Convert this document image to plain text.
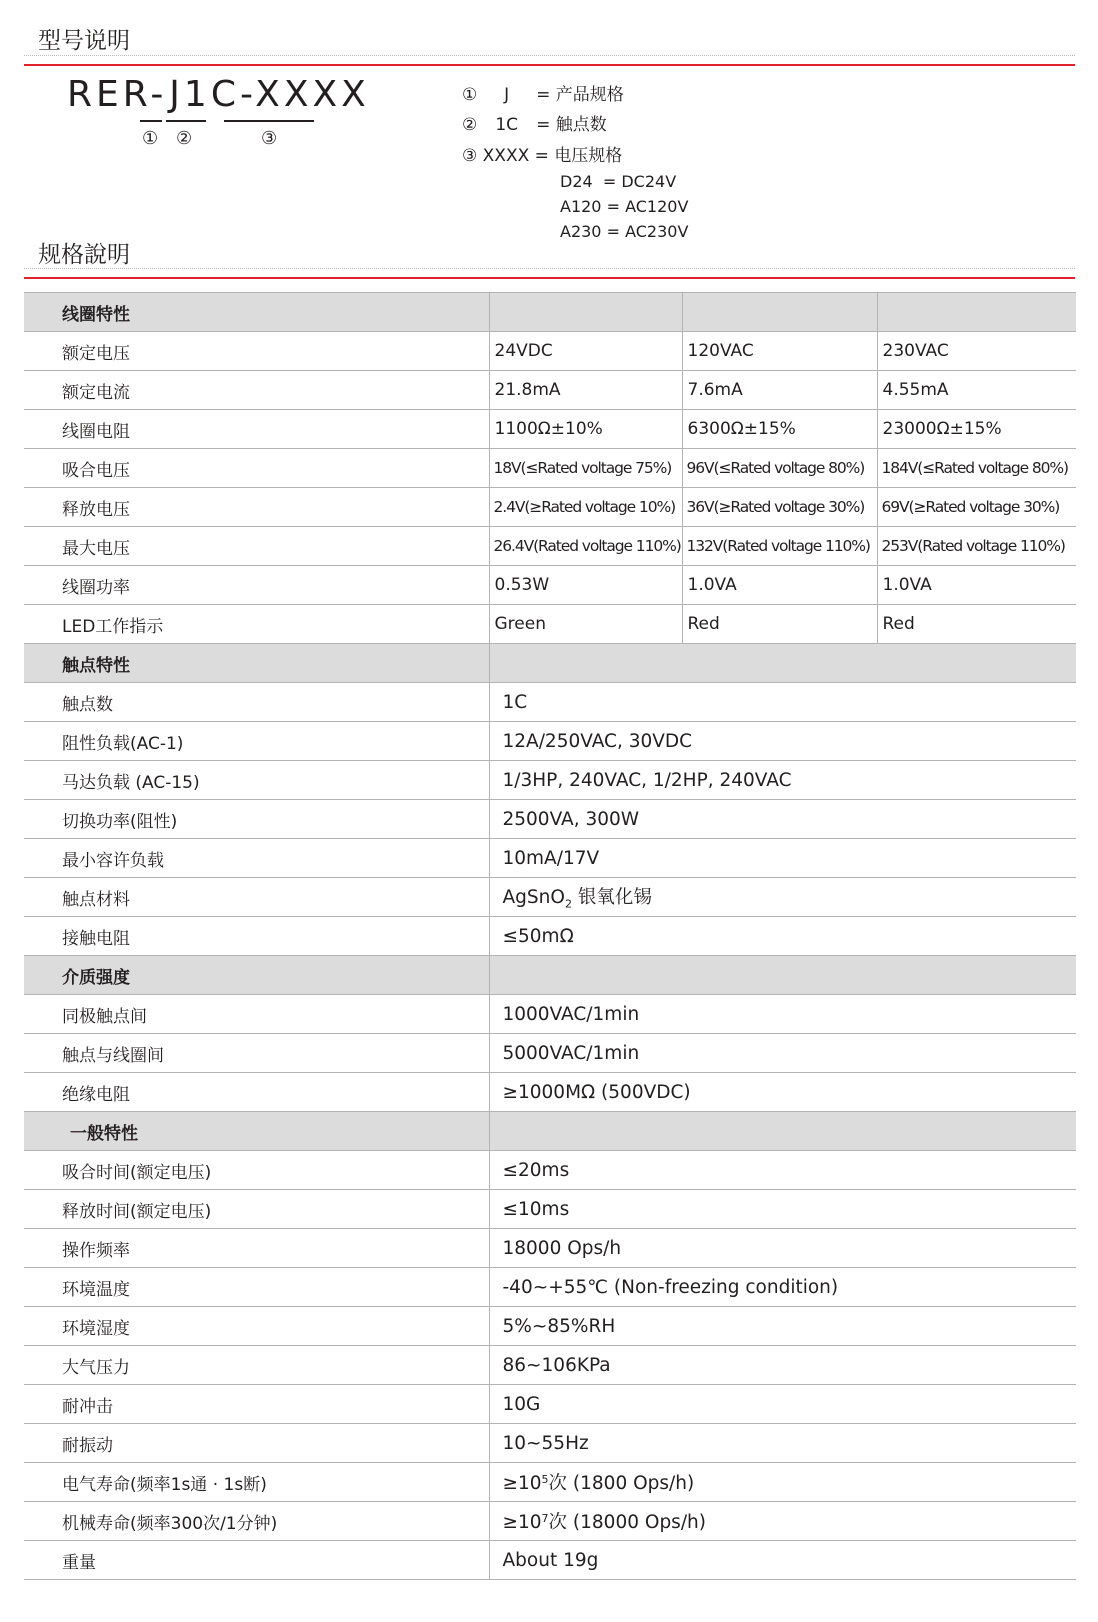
型号说明
RER-J1C-XXXX
① ②	③
① J = 产品规格
② 1C = 触点数
③ XXXX = 电压规格
D24  = DC24V
A120 = AC120V
A230 = AC230V
规格說明
线圈特性			
额定电压	24VDC	120VAC	230VAC
额定电流	21.8mA	7.6mA	4.55mA
线圈电阻	1100Ω±10%	6300Ω±15%	23000Ω±15%
吸合电压	18V(≤Rated voltage 75%)	96V(≤Rated voltage 80%)	184V(≤Rated voltage 80%)
释放电压	2.4V(≥Rated voltage 10%)	36V(≥Rated voltage 30%)	69V(≥Rated voltage 30%)
最大电压	26.4V(Rated voltage 110%)	132V(Rated voltage 110%)	253V(Rated voltage 110%)
线圈功率	0.53W	1.0VA	1.0VA
LED工作指示	Green	Red	Red
触点特性			
触点数	1C		
阻性负载(AC-1)	12A/250VAC, 30VDC		
马达负载 (AC-15)	1/3HP, 240VAC, 1/2HP, 240VAC		
切换功率(阻性)	2500VA, 300W		
最小容许负载	10mA/17V		
触点材料	AgSnO$_2$ 银氧化锡		
接触电阻	≤50mΩ		
介质强度			
同极触点间	1000VAC/1min		
触点与线圈间	5000VAC/1min		
绝缘电阻	≥1000MΩ (500VDC)		
一般特性			
吸合时间(额定电压)	≤20ms		
释放时间(额定电压)	≤10ms		
操作频率	18000 Ops/h		
环境温度	-40~+55℃ (Non-freezing condition)		
环境湿度	5%~85%RH		
大气压力	86~106KPa		
耐冲击	10G		
耐振动	10~55Hz		
电气寿命(频率1s通 · 1s断)	$\ge 10^5$次 (1800 Ops/h)		
机械寿命(频率300次/1分钟)	$\ge 10^7$次 (18000 Ops/h)		
重量	About 19g		
